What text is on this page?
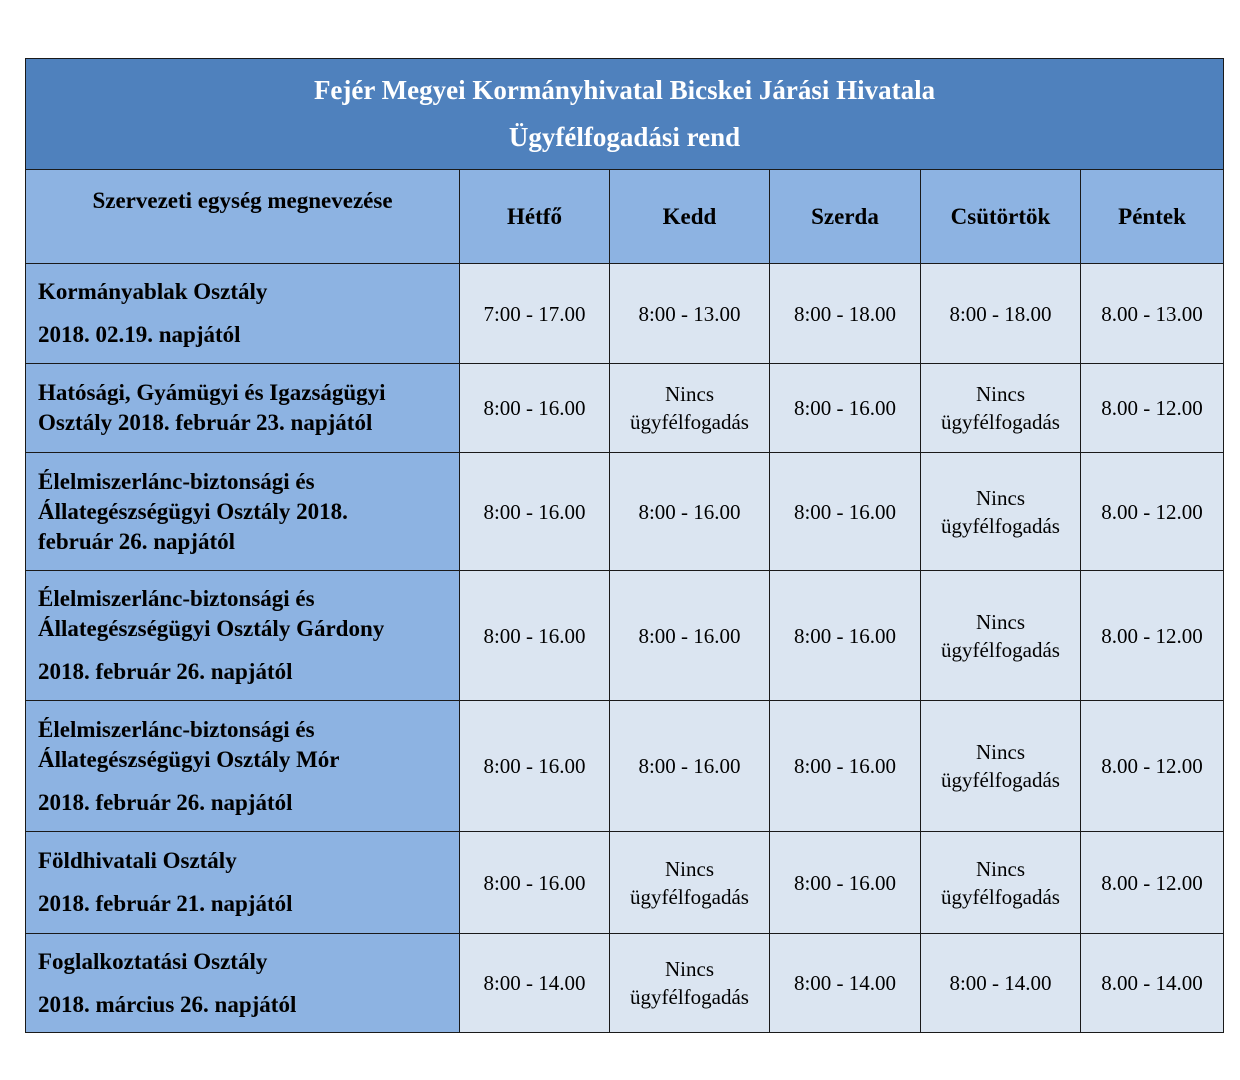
Fejér Megyei Kormányhivatal Bicskei Járási Hivatala
Ügyfélfogadási rend					

Szervezeti egység megnevezése	Hétfő	Kedd	Szerda	Csütörtök	Péntek

Kormányablak Osztály
2018. 02.19. napjától	7:00 - 17.00	8:00 - 13.00	8:00 - 18.00	8:00 - 18.00	8.00 - 13.00

Hatósági, Gyámügyi és Igazságügyi
Osztály 2018. február 23. napjától	8:00 - 16.00	Nincs
ügyfélfogadás	8:00 - 16.00	Nincs
ügyfélfogadás	8.00 - 12.00

Élelmiszerlánc-biztonsági és
Állategészségügyi Osztály 2018.
február 26. napjától	8:00 - 16.00	8:00 - 16.00	8:00 - 16.00	Nincs
ügyfélfogadás	8.00 - 12.00

Élelmiszerlánc-biztonsági és
Állategészségügyi Osztály Gárdony
2018. február 26. napjától	8:00 - 16.00	8:00 - 16.00	8:00 - 16.00	Nincs
ügyfélfogadás	8.00 - 12.00

Élelmiszerlánc-biztonsági és
Állategészségügyi Osztály Mór
2018. február 26. napjától	8:00 - 16.00	8:00 - 16.00	8:00 - 16.00	Nincs
ügyfélfogadás	8.00 - 12.00

Földhivatali Osztály
2018. február 21. napjától	8:00 - 16.00	Nincs
ügyfélfogadás	8:00 - 16.00	Nincs
ügyfélfogadás	8.00 - 12.00

Foglalkoztatási Osztály
2018. március 26. napjától	8:00 - 14.00	Nincs
ügyfélfogadás	8:00 - 14.00	8:00 - 14.00	8.00 - 14.00
